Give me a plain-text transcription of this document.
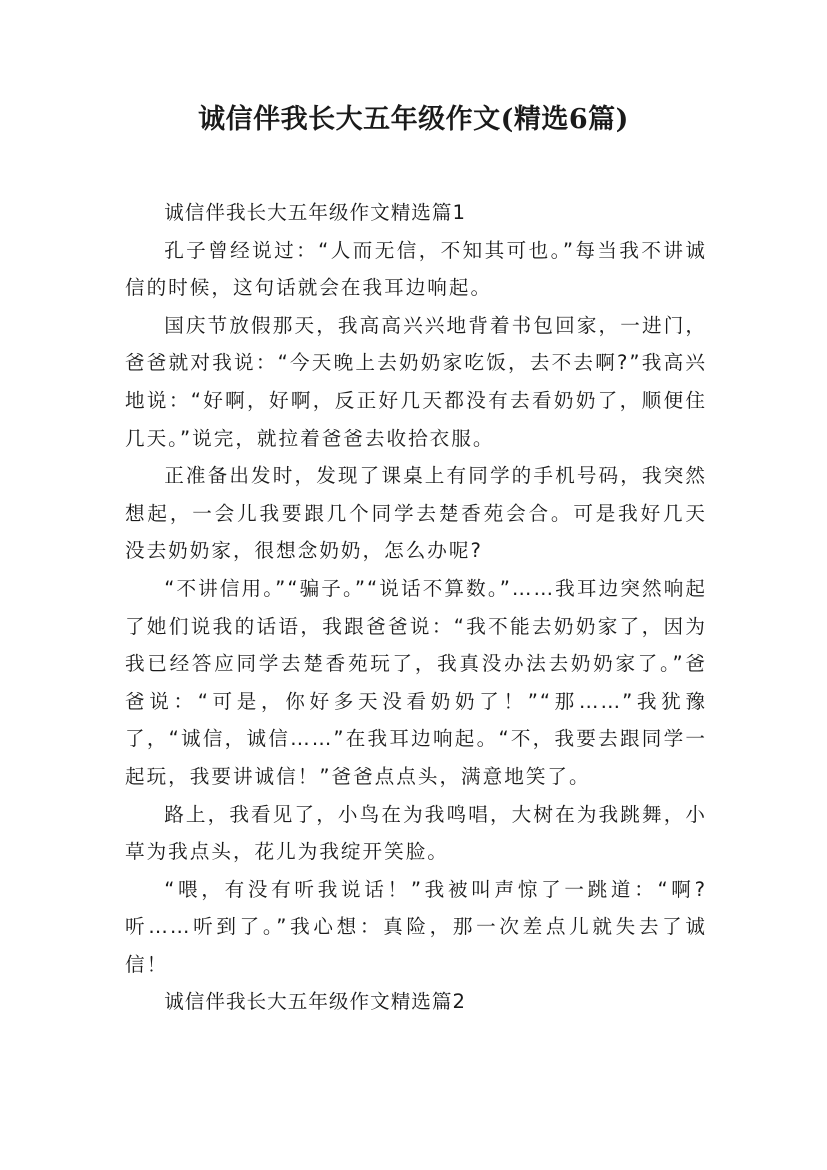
诚信伴我长大五年级作文(精选6篇)

诚信伴我长大五年级作文精选篇1

孔子曾经说过：“人而无信，不知其可也。”每当我不讲诚信的时候，这句话就会在我耳边响起。

国庆节放假那天，我高高兴兴地背着书包回家，一进门，爸爸就对我说：“今天晚上去奶奶家吃饭，去不去啊?”我高兴地说：“好啊，好啊，反正好几天都没有去看奶奶了，顺便住几天。”说完，就拉着爸爸去收拾衣服。

正准备出发时，发现了课桌上有同学的手机号码，我突然想起，一会儿我要跟几个同学去楚香苑会合。可是我好几天没去奶奶家，很想念奶奶，怎么办呢?

“不讲信用。”“骗子。”“说话不算数。”……我耳边突然响起了她们说我的话语，我跟爸爸说：“我不能去奶奶家了，因为我已经答应同学去楚香苑玩了，我真没办法去奶奶家了。”爸爸说：“可是，你好多天没看奶奶了！”“那……”我犹豫了，“诚信，诚信……”在我耳边响起。“不，我要去跟同学一起玩，我要讲诚信！”爸爸点点头，满意地笑了。

路上，我看见了，小鸟在为我鸣唱，大树在为我跳舞，小草为我点头，花儿为我绽开笑脸。

“喂，有没有听我说话！”我被叫声惊了一跳道：“啊?听……听到了。”我心想：真险，那一次差点儿就失去了诚信！

诚信伴我长大五年级作文精选篇2
